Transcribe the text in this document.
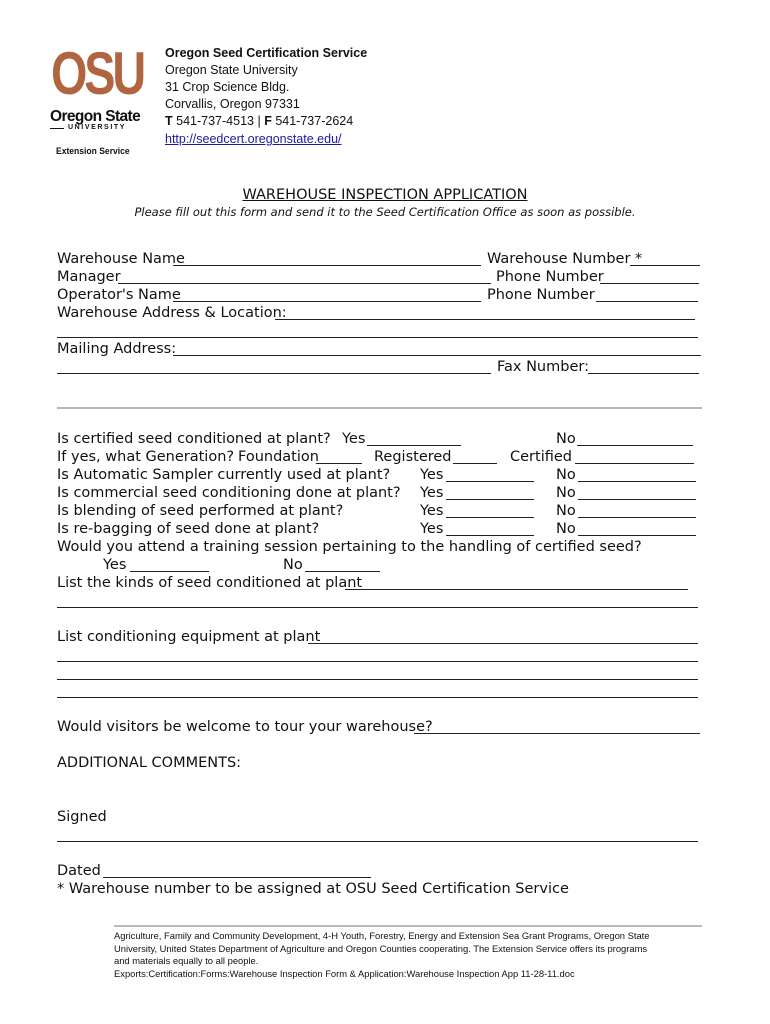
OSU
Oregon State
UNIVERSITY
Extension Service
Oregon Seed Certification Service
Oregon State University
31 Crop Science Bldg.
Corvallis, Oregon 97331
T 541-737-4513 | F 541-737-2624
http://seedcert.oregonstate.edu/
WAREHOUSE INSPECTION APPLICATION
Please fill out this form and send it to the Seed Certification Office as soon as possible.
Warehouse Name	Warehouse Number *
Manager	Phone Number
Operator's Name	Phone Number
Warehouse Address & Location:
Mailing Address:
Fax Number:
Is certified seed conditioned at plant? Yes	No
If yes, what Generation? Foundation	Registered	Certified
Is Automatic Sampler currently used at plant? Yes	No
Is commercial seed conditioning done at plant? Yes	No
Is blending of seed performed at plant?	Yes	No
Is re-bagging of seed done at plant?	Yes	No
Would you attend a training session pertaining to the handling of certified seed?
Yes	No
List the kinds of seed conditioned at plant
List conditioning equipment at plant
Would visitors be welcome to tour your warehouse?
ADDITIONAL COMMENTS:
Signed
Dated
* Warehouse number to be assigned at OSU Seed Certification Service
Agriculture, Family and Community Development, 4-H Youth, Forestry, Energy and Extension Sea Grant Programs, Oregon State
University, United States Department of Agriculture and Oregon Counties cooperating. The Extension Service offers its programs
and materials equally to all people.
Exports:Certification:Forms:Warehouse Inspection Form & Application:Warehouse Inspection App 11-28-11.doc
